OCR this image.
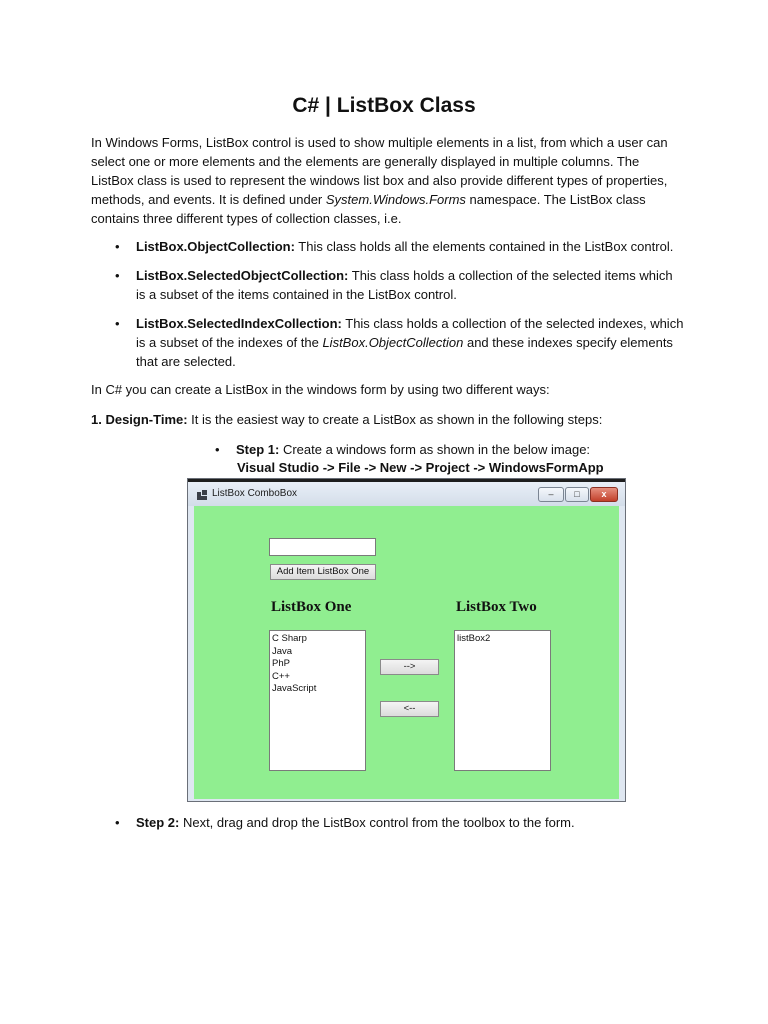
C# | ListBox Class

In Windows Forms, ListBox control is used to show multiple elements in a list, from which a user can select one or more elements and the elements are generally displayed in multiple columns. The ListBox class is used to represent the windows list box and also provide different types of properties, methods, and events. It is defined under System.Windows.Forms namespace. The ListBox class contains three different types of collection classes, i.e.

• ListBox.ObjectCollection: This class holds all the elements contained in the ListBox control.

• ListBox.SelectedObjectCollection: This class holds a collection of the selected items which is a subset of the items contained in the ListBox control.

• ListBox.SelectedIndexCollection: This class holds a collection of the selected indexes, which is a subset of the indexes of the ListBox.ObjectCollection and these indexes specify elements that are selected.

In C# you can create a ListBox in the windows form by using two different ways:

1. Design-Time: It is the easiest way to create a ListBox as shown in the following steps:

• Step 1: Create a windows form as shown in the below image:

Visual Studio -> File -> New -> Project -> WindowsFormApp
ListBox ComboBox	–	□	x
Add Item ListBox One
ListBox One	ListBox Two
C Sharp
Java
PhP
C++
JavaScript
-->
<--
listBox2

• Step 2: Next, drag and drop the ListBox control from the toolbox to the form.
